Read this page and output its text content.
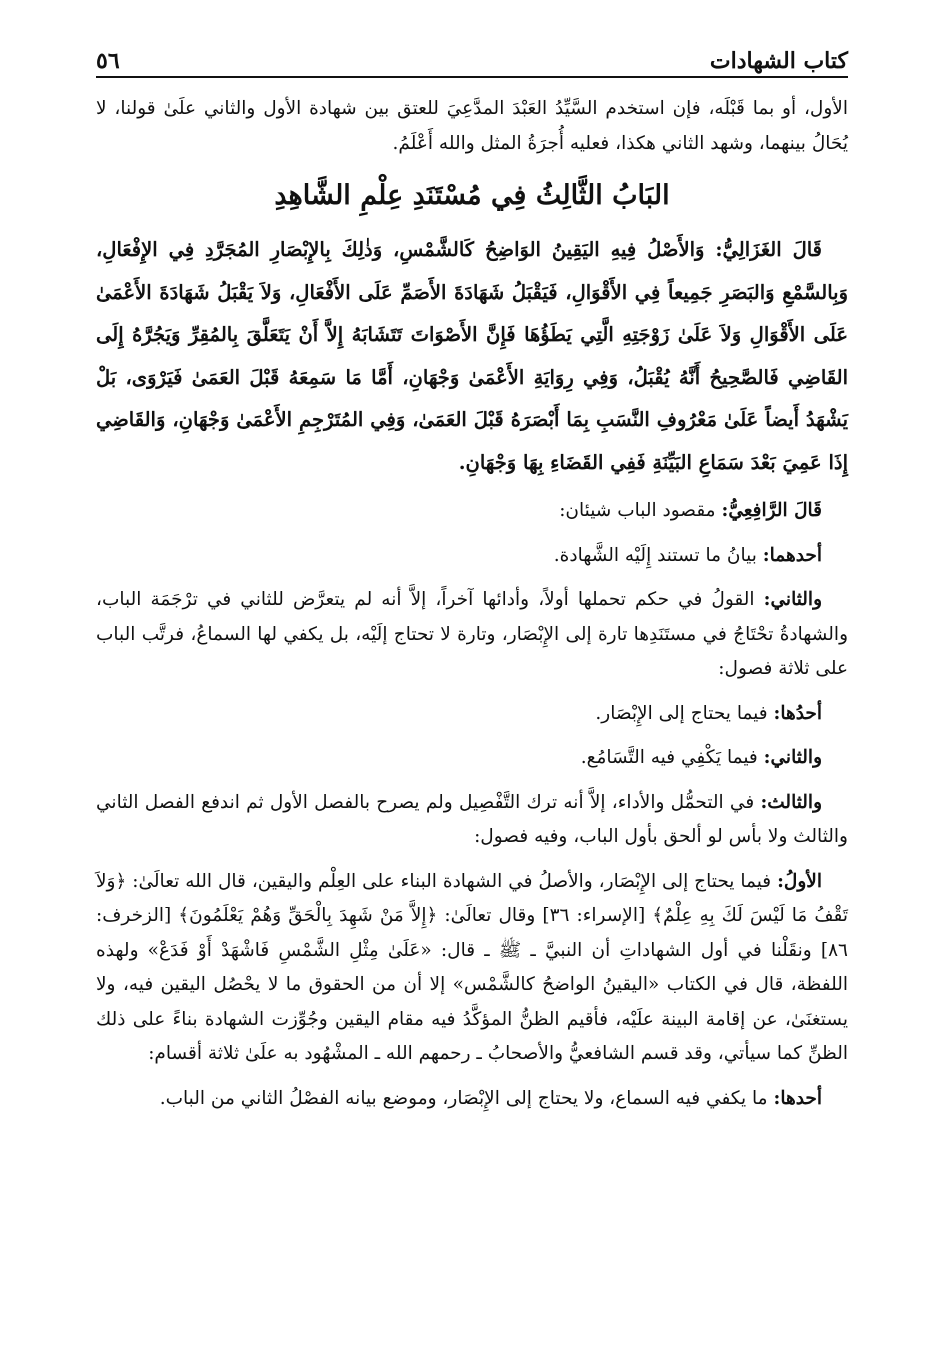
كتاب الشهادات
٥٦

الأول، أو بما قَبْلَه، فإن استخدم السَّيِّدُ العَبْدَ المدَّعِيَ للعتق بين شهادة الأول والثاني علَىٰ قولنا، لا يُحَالُ بينهما، وشهد الثاني هكذا، فعليه أُجرَةُ المثل والله أَعْلَمُ.

البَابُ الثَّالِثُ فِي مُسْتَنَدِ عِلْمِ الشَّاهِدِ

قَالَ الغَزَالِيُّ: وَالأَصْلُ فِيهِ اليَقِينُ الوَاضِحُ كَالشَّمْسِ، وَذٰلِكَ بِالإِبْصَارِ المُجَرَّدِ فِي الإِفْعَالِ، وَبِالسَّمْعِ وَالبَصَرِ جَمِيعاً فِي الأَقْوَالِ، فَيَقْبَلُ شَهَادَةَ الأَصَمِّ عَلَى الأَفْعَالِ، وَلاَ يَقْبَلُ شَهَادَةَ الأَعْمَىٰ عَلَى الأَقْوَالِ وَلاَ عَلَىٰ زَوْجَتِهِ الَّتِي يَطَؤُهَا فَإِنَّ الأَصْوَاتَ تَتَشَابَهُ إِلاَّ أَنْ يَتَعَلَّقَ بِالمُقِرِّ وَيَجُرَّهُ إِلَى القَاضِي فَالصَّحِيحُ أَنَّهُ يُقْبَلُ، وَفِي رِوَايَةِ الأَعْمَىٰ وَجْهَانِ، أَمَّا مَا سَمِعَهُ قَبْلَ العَمَىٰ فَيَرْوَى، بَلْ يَشْهَدُ أَيضاً عَلَىٰ مَعْرُوفِ النَّسَبِ بِمَا أَبْصَرَهُ قَبْلَ العَمَىٰ، وَفِي المُتَرْجِمِ الأَعْمَىٰ وَجْهَانِ، وَالقَاضِي إِذَا عَمِيَ بَعْدَ سَمَاعِ البَيِّنَةِ فَفِي القَضَاءِ بِهَا وَجْهَانِ.

قَالَ الرَّافِعِيُّ: مقصود الباب شيئان:

أحدهما: بيانُ ما تستند إِلَيْه الشَّهادة.

والثاني: القولُ في حكم تحملها أولاً، وأدائها آخراً، إلاَّ أنه لم يتعرَّض للثاني في ترْجَمَة الباب، والشهادةُ تحْتَاجُ في مستَنَدِها تارة إلى الإِبْصَار، وتارة لا تحتاج إلَيْه، بل يكفي لها السماعُ، فرتَّب الباب على ثلاثة فصول:

أحدُها: فيما يحتاج إلى الإِبْصَار.

والثاني: فيما يَكْفِي فيه التَّسَامُع.

والثالث: في التحمُّل والأداء، إلاَّ أنه ترك التَّفْصِيل ولم يصرح بالفصل الأول ثم اندفع الفصل الثاني والثالث ولا بأس لو ألحق بأول الباب، وفيه فصول:

الأولُ: فيما يحتاج إلى الإِبْصَار، والأصلُ في الشهادة البناء على العِلْم واليقين، قال الله تعالَىٰ: ﴿وَلاَ تَقْفُ مَا لَيْسَ لَكَ بِهِ عِلْمٌ﴾ [الإسراء: ٣٦] وقال تعالَىٰ: ﴿إِلاَّ مَنْ شَهِدَ بِالْحَقِّ وَهُمْ يَعْلَمُونَ﴾ [الزخرف: ٨٦] ونقَلْنا في أول الشهاداتِ أن النبيَّ ـ ﷺ ـ قال: «عَلَىٰ مِثْلِ الشَّمْسِ فَاشْهَدْ أَوْ فَدَعْ» ولهذه اللفظة، قال في الكتاب «اليقينُ الواضحُ كالشَّمْس» إلا أن من الحقوق ما لا يحْصُل اليقين فيه، ولا يستغنَىٰ، عن إقامة البينة علَيْه، فأقيم الظنُّ المؤكَّدُ فيه مقام اليقين وجُوِّزت الشهادة بناءً على ذلك الظنِّ كما سيأتي، وقد قسم الشافعيُّ والأصحابُ ـ رحمهم الله ـ المشْهُود به علَىٰ ثلاثة أقسام:

أحدها: ما يكفي فيه السماع، ولا يحتاج إلى الإِبْصَار، وموضع بيانه الفصْلُ الثاني من الباب.
